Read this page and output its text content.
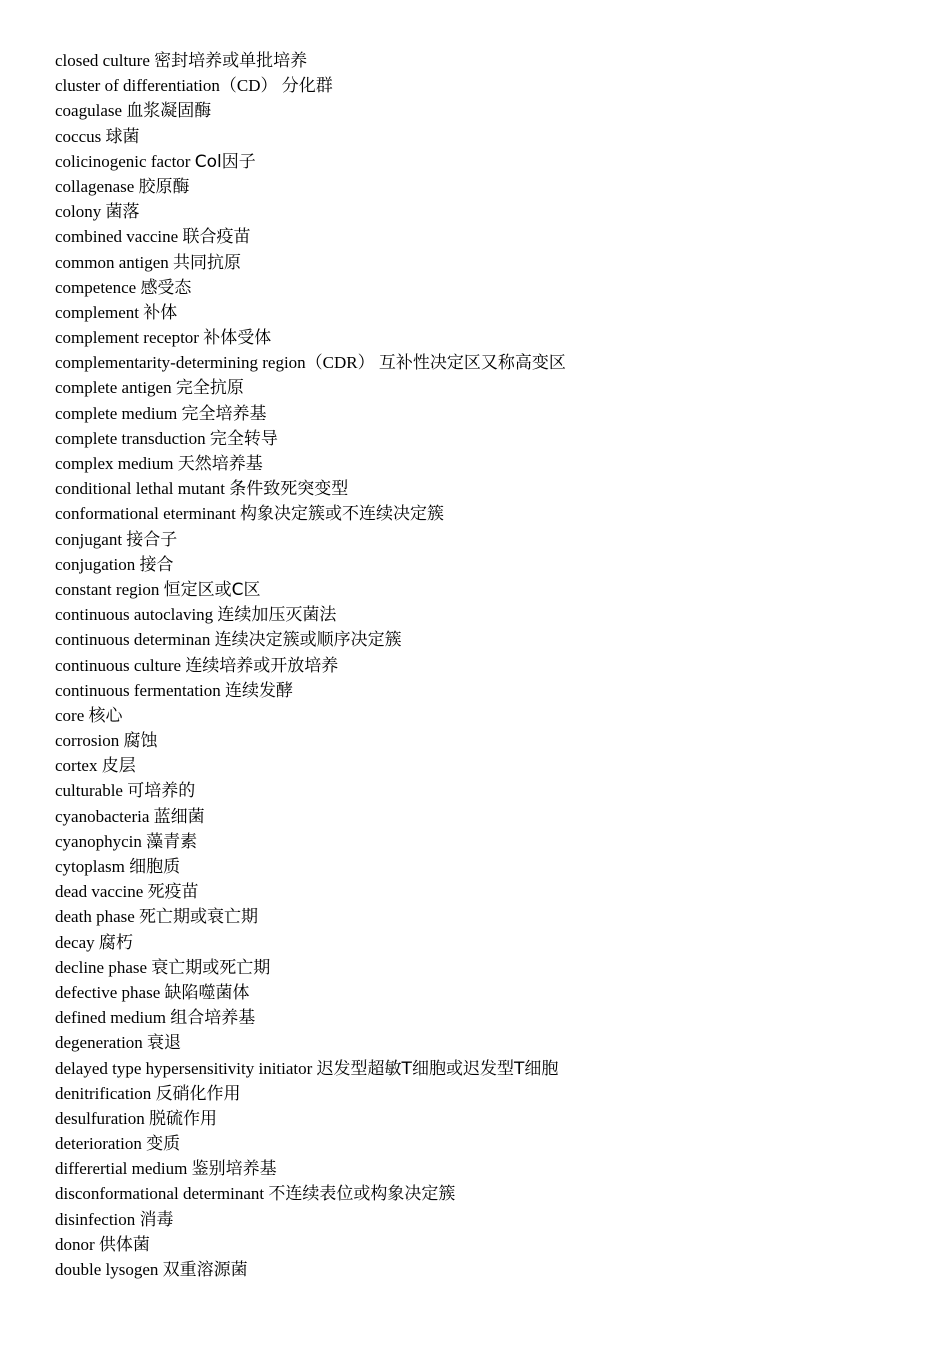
closed culture 密封培养或单批培养
cluster of differentiation（CD） 分化群
coagulase 血浆凝固酶
coccus 球菌
colicinogenic factor Col因子
collagenase 胶原酶
colony 菌落
combined vaccine 联合疫苗
common antigen 共同抗原
competence 感受态
complement 补体
complement receptor 补体受体
complementarity-determining region（CDR） 互补性决定区又称高变区
complete antigen 完全抗原
complete medium 完全培养基
complete transduction 完全转导
complex medium 天然培养基
conditional lethal mutant 条件致死突变型
conformational eterminant 构象决定簇或不连续决定簇
conjugant 接合子
conjugation 接合
constant region 恒定区或C区
continuous autoclaving 连续加压灭菌法
continuous determinan 连续决定簇或顺序决定簇
continuous culture 连续培养或开放培养
continuous fermentation 连续发酵
core 核心
corrosion 腐蚀
cortex 皮层
culturable 可培养的
cyanobacteria 蓝细菌
cyanophycin 藻青素
cytoplasm 细胞质
dead vaccine 死疫苗
death phase 死亡期或衰亡期
decay 腐朽
decline phase 衰亡期或死亡期
defective phase 缺陷噬菌体
defined medium 组合培养基
degeneration 衰退
delayed type hypersensitivity initiator 迟发型超敏T细胞或迟发型T细胞
denitrification 反硝化作用
desulfuration 脱硫作用
deterioration 变质
differertial medium 鉴别培养基
disconformational determinant 不连续表位或构象决定簇
disinfection 消毒
donor 供体菌
double lysogen 双重溶源菌
